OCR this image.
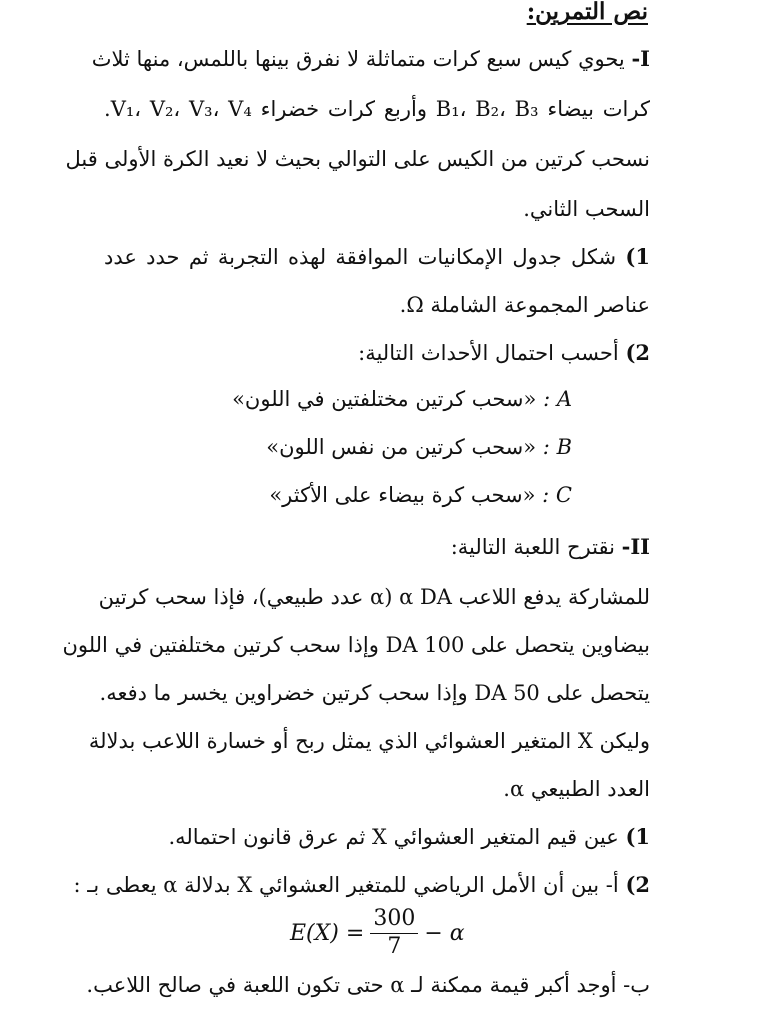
نص التمرين:
I- يحوي كيس سبع كرات متماثلة لا نفرق بينها باللمس، منها ثلاث
كرات بيضاء B₁، B₂، B₃ وأربع كرات خضراء V₁، V₂، V₃، V₄.
نسحب كرتين من الكيس على التوالي بحيث لا نعيد الكرة الأولى قبل
السحب الثاني.
1) شكل جدول الإمكانيات الموافقة لهذه التجربة ثم حدد عدد
عناصر المجموعة الشاملة Ω.
2) أحسب احتمال الأحداث التالية:
A : «سحب كرتين مختلفتين في اللون»
B : «سحب كرتين من نفس اللون»
C : «سحب كرة بيضاء على الأكثر»
II- نقترح اللعبة التالية:
للمشاركة يدفع اللاعب α DA (α عدد طبيعي)، فإذا سحب كرتين
بيضاوين يتحصل على 100 DA وإذا سحب كرتين مختلفتين في اللون
يتحصل على 50 DA وإذا سحب كرتين خضراوين يخسر ما دفعه.
وليكن X المتغير العشوائي الذي يمثل ربح أو خسارة اللاعب بدلالة
العدد الطبيعي α.
1) عين قيم المتغير العشوائي X ثم عرق قانون احتماله.
2) أ- بين أن الأمل الرياضي للمتغير العشوائي X بدلالة α يعطى بـ :
$E(X) = \frac{300}{7} - \alpha$
ب- أوجد أكبر قيمة ممكنة لـ α حتى تكون اللعبة في صالح اللاعب.
